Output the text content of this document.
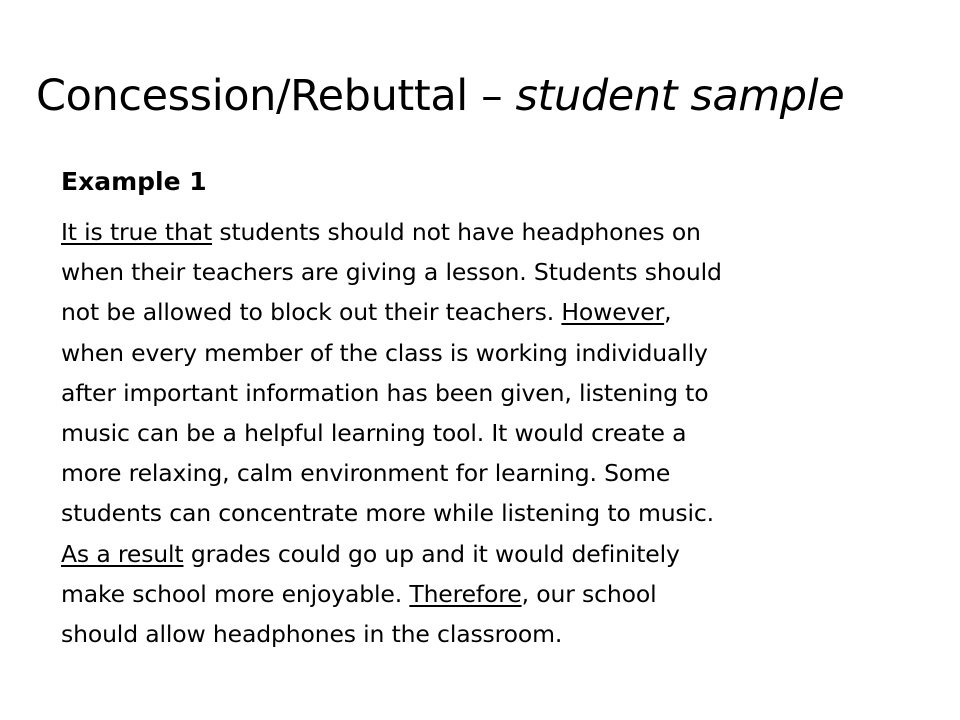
Concession/Rebuttal – student sample
Example 1
It is true that students should not have headphones on
when their teachers are giving a lesson. Students should
not be allowed to block out their teachers. However,
when every member of the class is working individually
after important information has been given, listening to
music can be a helpful learning tool. It would create a
more relaxing, calm environment for learning. Some
students can concentrate more while listening to music.
As a result grades could go up and it would definitely
make school more enjoyable. Therefore, our school
should allow headphones in the classroom.
